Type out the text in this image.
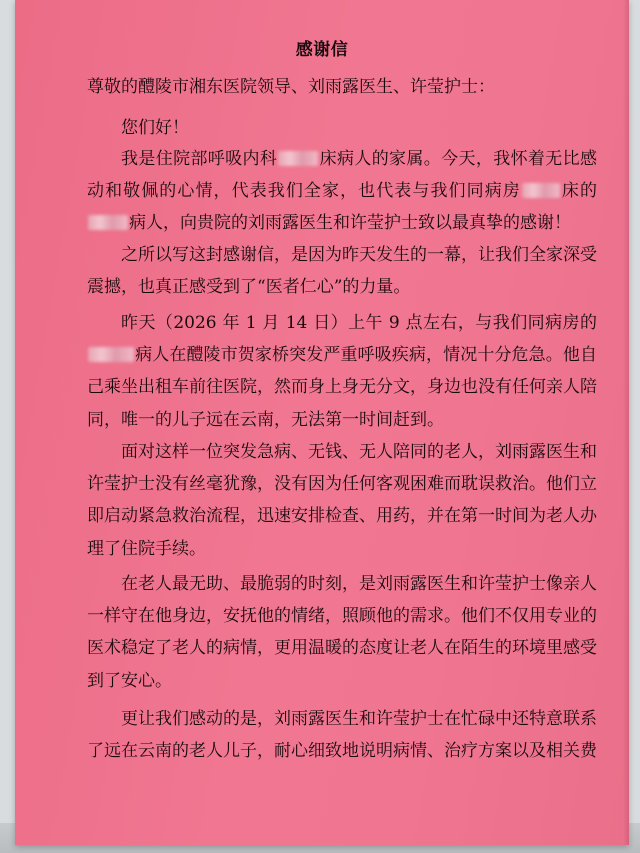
感谢信
尊敬的醴陵市湘东医院领导、刘雨露医生、许莹护士：

您们好！

我是住院部呼吸内科 床病人的家属。今天，我怀着无比感动和敬佩的心情，代表我们全家，也代表与我们同病房 床的病人，向贵院的刘雨露医生和许莹护士致以最真挚的感谢！

之所以写这封感谢信，是因为昨天发生的一幕，让我们全家深受震撼，也真正感受到了“医者仁心”的力量。

昨天（2026 年 1 月 14 日）上午 9 点左右，与我们同病房的病人在醴陵市贺家桥突发严重呼吸疾病，情况十分危急。他自己乘坐出租车前往医院，然而身上身无分文，身边也没有任何亲人陪同，唯一的儿子远在云南，无法第一时间赶到。

面对这样一位突发急病、无钱、无人陪同的老人，刘雨露医生和许莹护士没有丝毫犹豫，没有因为任何客观困难而耽误救治。他们立即启动紧急救治流程，迅速安排检查、用药，并在第一时间为老人办理了住院手续。

在老人最无助、最脆弱的时刻，是刘雨露医生和许莹护士像亲人一样守在他身边，安抚他的情绪，照顾他的需求。他们不仅用专业的医术稳定了老人的病情，更用温暖的态度让老人在陌生的环境里感受到了安心。

更让我们感动的是，刘雨露医生和许莹护士在忙碌中还特意联系了远在云南的老人儿子，耐心细致地说明病情、治疗方案以及相关费
